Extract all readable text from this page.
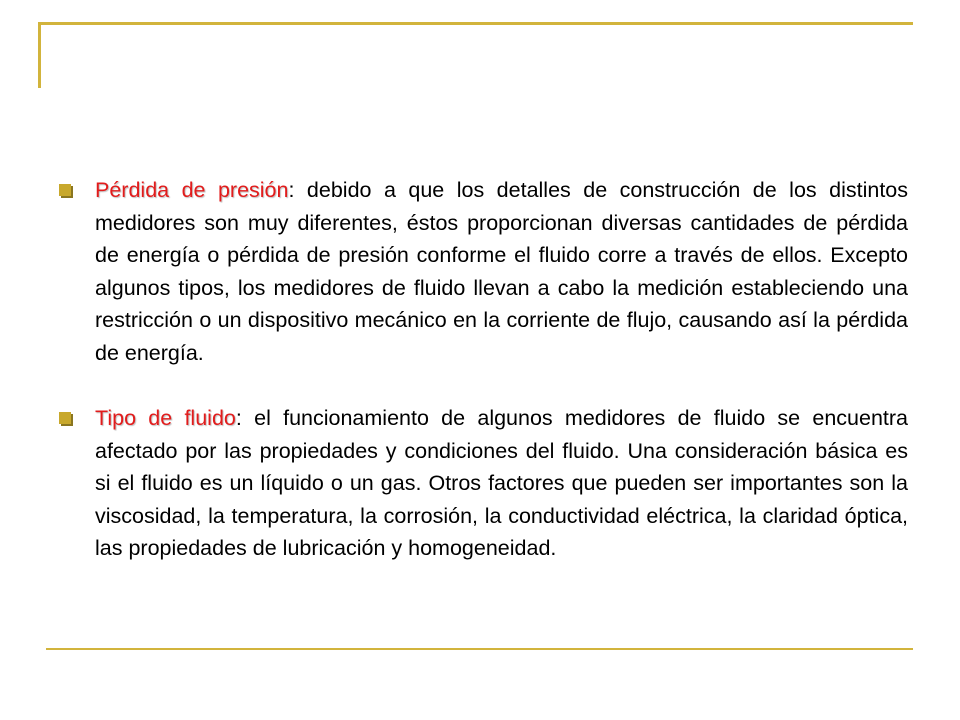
Pérdida de presión: debido a que los detalles de construcción de los distintos medidores son muy diferentes, éstos proporcionan diversas cantidades de pérdida de energía o pérdida de presión conforme el fluido corre a través de ellos. Excepto algunos tipos, los medidores de fluido llevan a cabo la medición estableciendo una restricción o un dispositivo mecánico en la corriente de flujo, causando así la pérdida de energía.
Tipo de fluido: el funcionamiento de algunos medidores de fluido se encuentra afectado por las propiedades y condiciones del fluido. Una consideración básica es si el fluido es un líquido o un gas. Otros factores que pueden ser importantes son la viscosidad, la temperatura, la corrosión, la conductividad eléctrica, la claridad óptica, las propiedades de lubricación y homogeneidad.
